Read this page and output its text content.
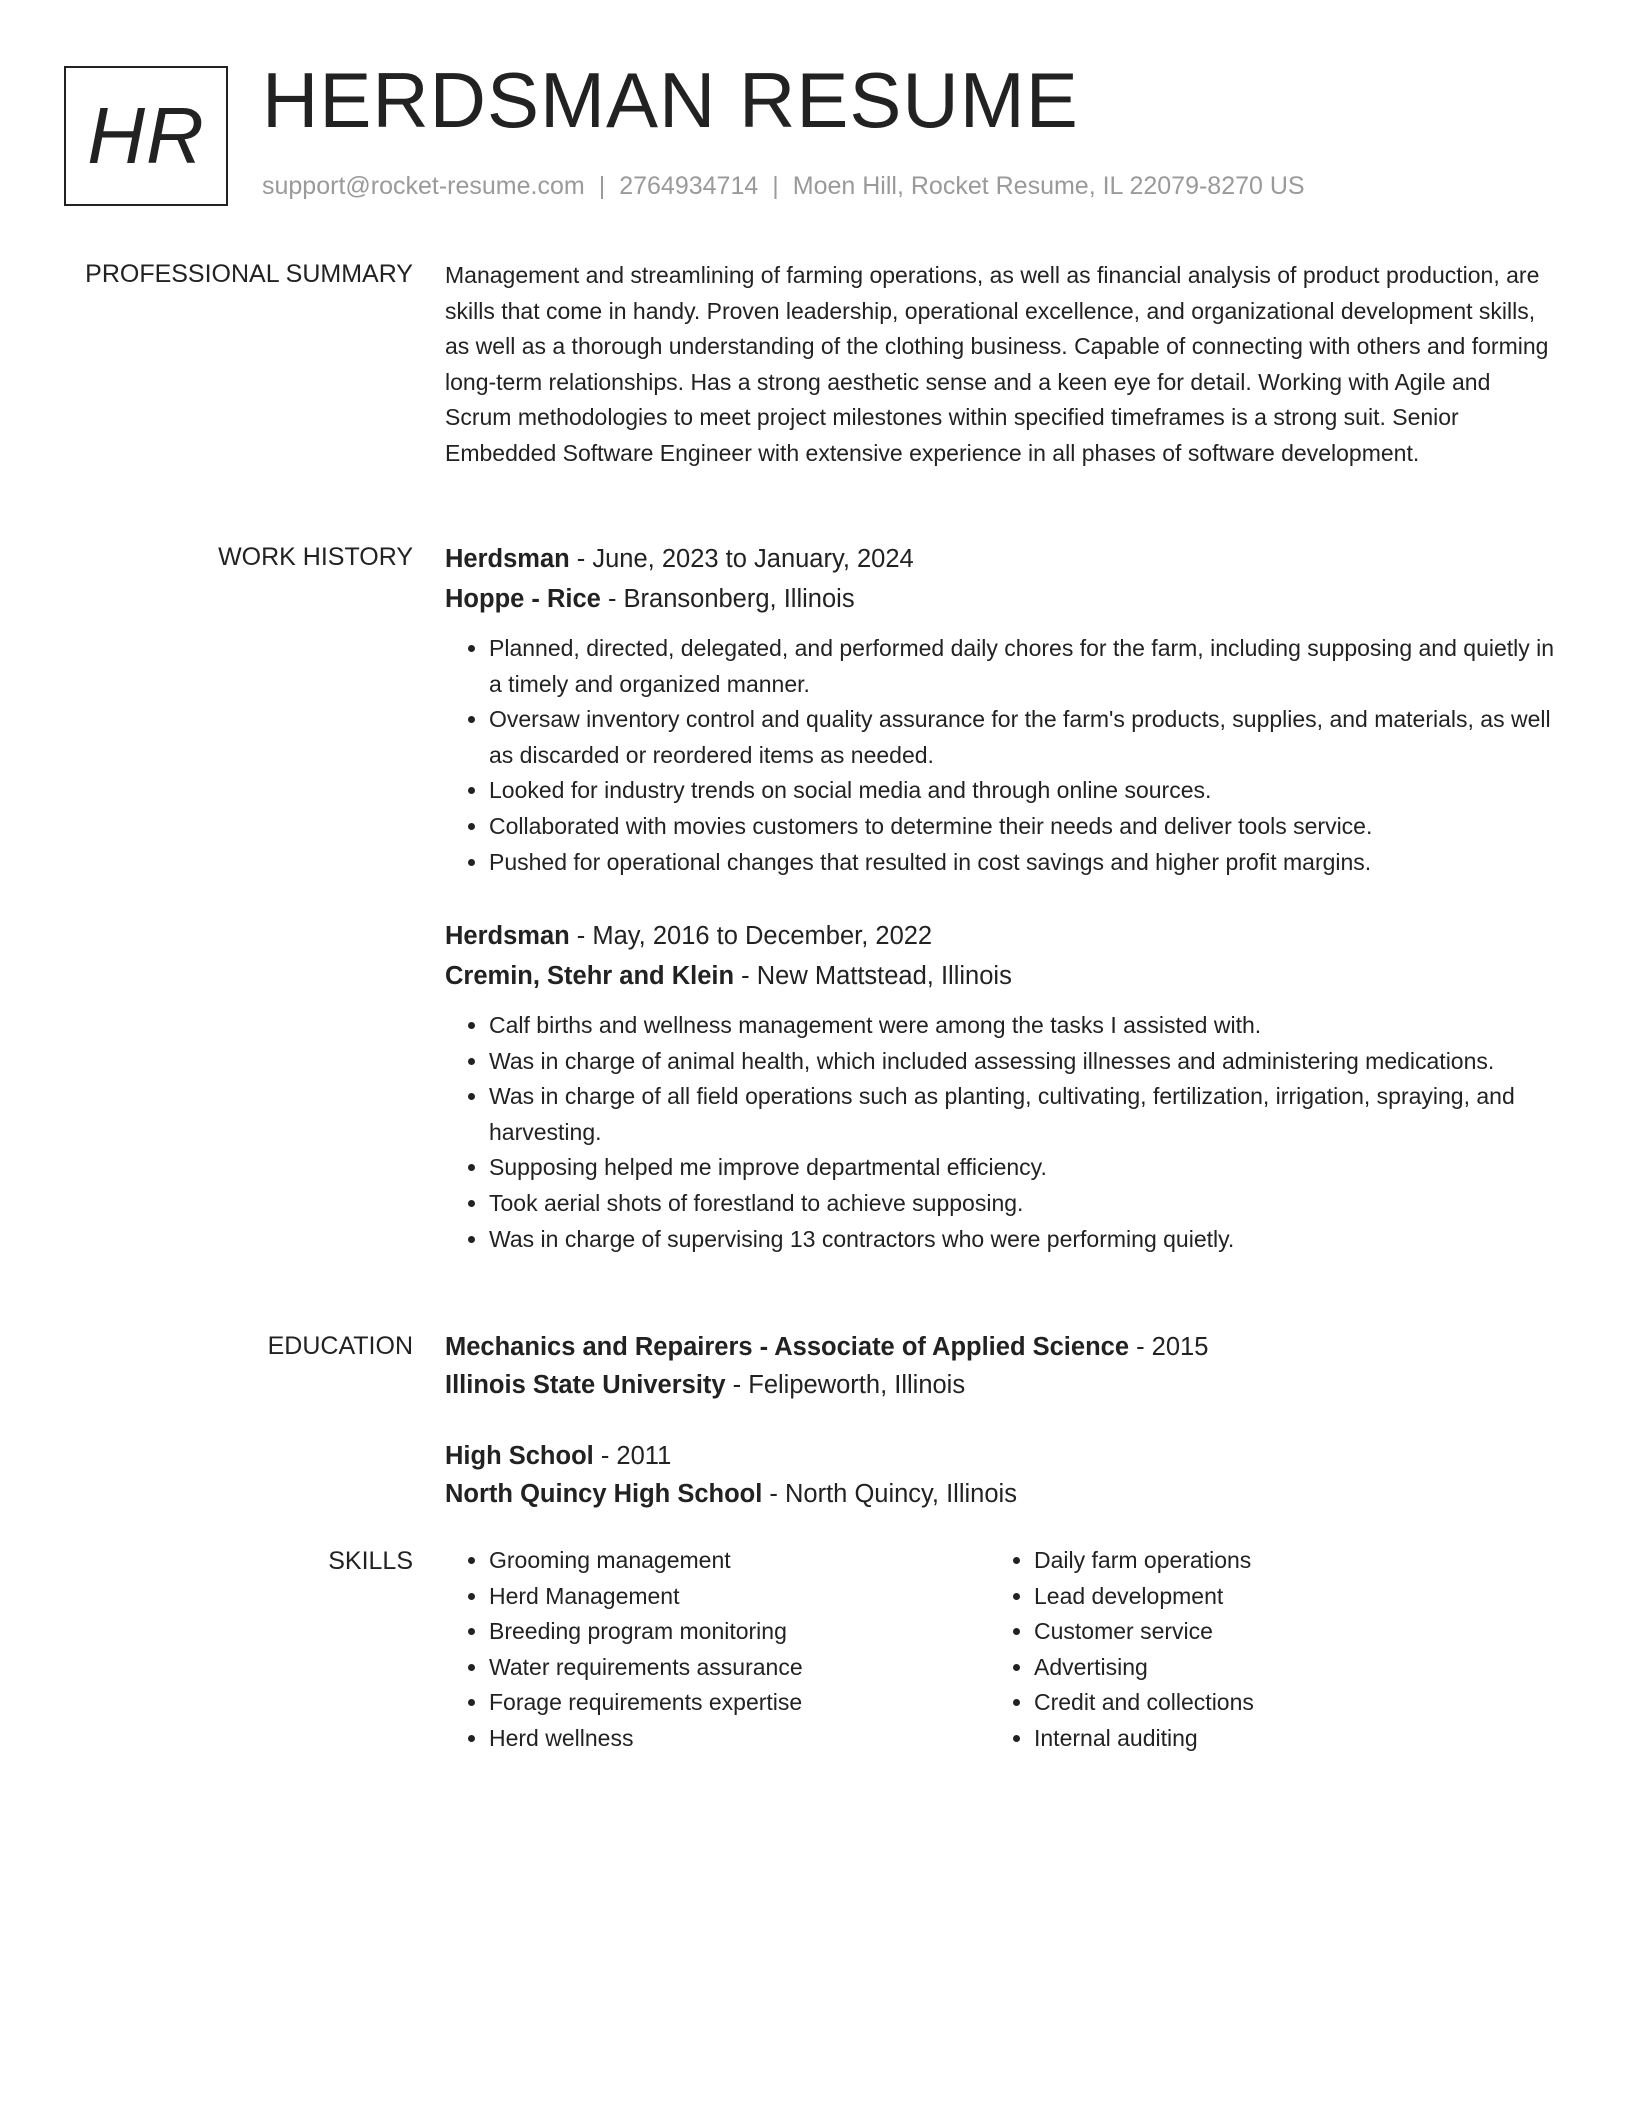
HR HERDSMAN RESUME
support@rocket-resume.com | 2764934714 | Moen Hill, Rocket Resume, IL 22079-8270 US
PROFESSIONAL SUMMARY Management and streamlining of farming operations, as well as financial analysis of product production, are skills that come in handy. Proven leadership, operational excellence, and organizational development skills, as well as a thorough understanding of the clothing business. Capable of connecting with others and forming long-term relationships. Has a strong aesthetic sense and a keen eye for detail. Working with Agile and Scrum methodologies to meet project milestones within specified timeframes is a strong suit. Senior Embedded Software Engineer with extensive experience in all phases of software development.

WORK HISTORY Herdsman - June, 2023 to January, 2024
Hoppe - Rice - Bransonberg, Illinois
• Planned, directed, delegated, and performed daily chores for the farm, including supposing and quietly in a timely and organized manner.
• Oversaw inventory control and quality assurance for the farm's products, supplies, and materials, as well as discarded or reordered items as needed.
• Looked for industry trends on social media and through online sources.
• Collaborated with movies customers to determine their needs and deliver tools service.
• Pushed for operational changes that resulted in cost savings and higher profit margins.
Herdsman - May, 2016 to December, 2022
Cremin, Stehr and Klein - New Mattstead, Illinois
• Calf births and wellness management were among the tasks I assisted with.
• Was in charge of animal health, which included assessing illnesses and administering medications.
• Was in charge of all field operations such as planting, cultivating, fertilization, irrigation, spraying, and harvesting.
• Supposing helped me improve departmental efficiency.
• Took aerial shots of forestland to achieve supposing.
• Was in charge of supervising 13 contractors who were performing quietly.
EDUCATION Mechanics and Repairers - Associate of Applied Science - 2015
Illinois State University - Felipeworth, Illinois
High School - 2011
North Quincy High School - North Quincy, Illinois
SKILLS
•	Grooming management
• Herd Management
• Breeding program monitoring
• Water requirements assurance
• Forage requirements expertise
• Herd wellness
• Daily farm operations
• Lead development
• Customer service
• Advertising
• Credit and collections
• Internal auditing
